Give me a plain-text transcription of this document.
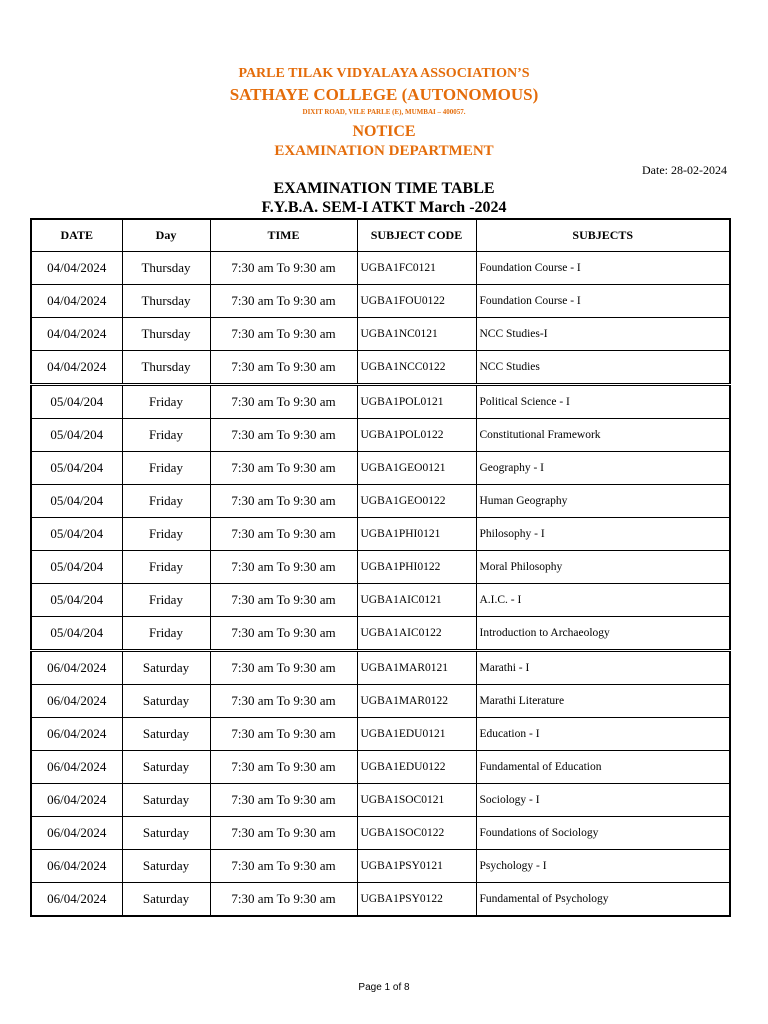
PARLE TILAK VIDYALAYA ASSOCIATION’S
SATHAYE COLLEGE (AUTONOMOUS)
DIXIT ROAD, VILE PARLE (E), MUMBAI – 400057.
NOTICE
EXAMINATION DEPARTMENT
Date: 28-02-2024
EXAMINATION TIME TABLE
F.Y.B.A. SEM-I ATKT March -2024
DATE	Day	TIME	SUBJECT CODE	SUBJECTS
04/04/2024	Thursday	7:30 am To 9:30 am	UGBA1FC0121	Foundation Course - I
04/04/2024	Thursday	7:30 am To 9:30 am	UGBA1FOU0122	Foundation Course - I
04/04/2024	Thursday	7:30 am To 9:30 am	UGBA1NC0121	NCC Studies-I
04/04/2024	Thursday	7:30 am To 9:30 am	UGBA1NCC0122	NCC Studies
05/04/204	Friday	7:30 am To 9:30 am	UGBA1POL0121	Political Science - I
05/04/204	Friday	7:30 am To 9:30 am	UGBA1POL0122	Constitutional Framework
05/04/204	Friday	7:30 am To 9:30 am	UGBA1GEO0121	Geography - I
05/04/204	Friday	7:30 am To 9:30 am	UGBA1GEO0122	Human Geography
05/04/204	Friday	7:30 am To 9:30 am	UGBA1PHI0121	Philosophy - I
05/04/204	Friday	7:30 am To 9:30 am	UGBA1PHI0122	Moral Philosophy
05/04/204	Friday	7:30 am To 9:30 am	UGBA1AIC0121	A.I.C. - I
05/04/204	Friday	7:30 am To 9:30 am	UGBA1AIC0122	Introduction to Archaeology
06/04/2024	Saturday	7:30 am To 9:30 am	UGBA1MAR0121	Marathi - I
06/04/2024	Saturday	7:30 am To 9:30 am	UGBA1MAR0122	Marathi Literature
06/04/2024	Saturday	7:30 am To 9:30 am	UGBA1EDU0121	Education - I
06/04/2024	Saturday	7:30 am To 9:30 am	UGBA1EDU0122	Fundamental of Education
06/04/2024	Saturday	7:30 am To 9:30 am	UGBA1SOC0121	Sociology - I
06/04/2024	Saturday	7:30 am To 9:30 am	UGBA1SOC0122	Foundations of Sociology
06/04/2024	Saturday	7:30 am To 9:30 am	UGBA1PSY0121	Psychology - I
06/04/2024	Saturday	7:30 am To 9:30 am	UGBA1PSY0122	Fundamental of Psychology
Page 1 of 8
